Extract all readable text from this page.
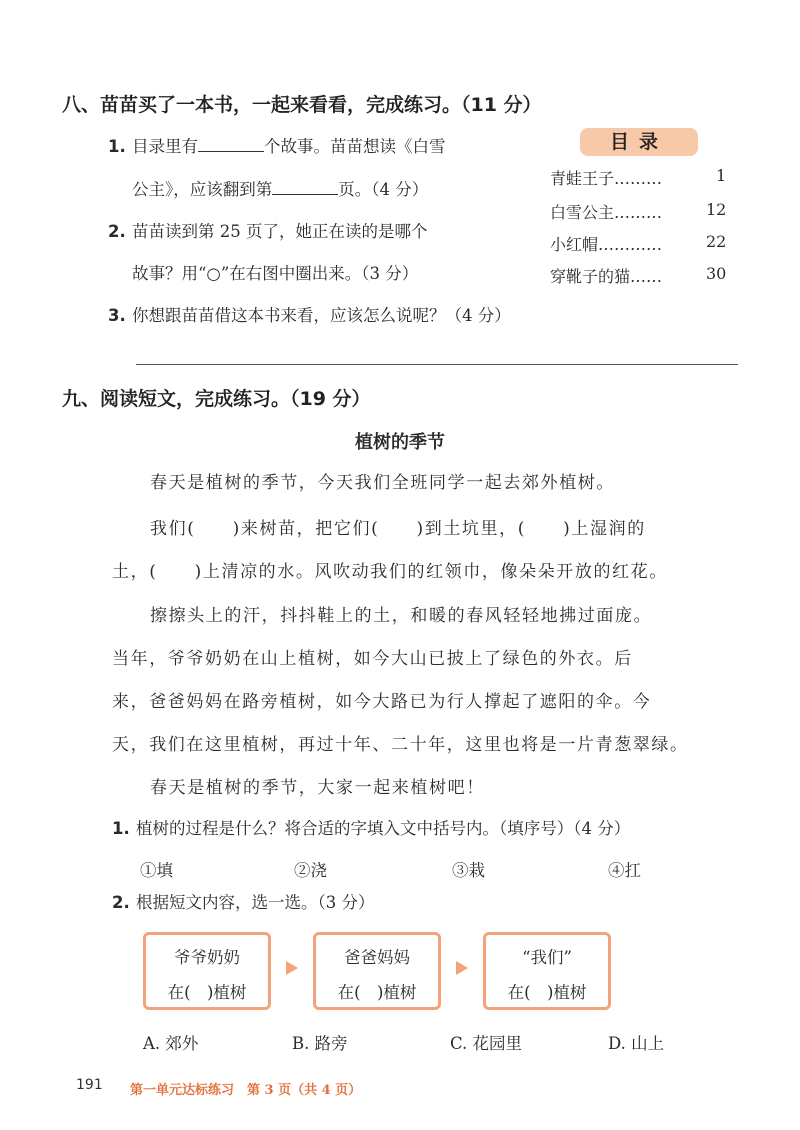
八、苗苗买了一本书，一起来看看，完成练习。（11 分）
1. 目录里有	个故事。苗苗想读《白雪
公主》，应该翻到第	页。（4 分）
2. 苗苗读到第 25 页了，她正在读的是哪个
故事？用“○”在右图中圈出来。（3 分）
3. 你想跟苗苗借这本书来看，应该怎么说呢？（4 分）
目录
青蛙王子………	1
白雪公主………	12
小红帽…………	22
穿靴子的猫……	30
九、阅读短文，完成练习。（19 分）
植树的季节
春天是植树的季节，今天我们全班同学一起去郊外植树。
我们(　　)来树苗，把它们(　　)到土坑里，(　　)上湿润的
土，(　　)上清凉的水。风吹动我们的红领巾，像朵朵开放的红花。
擦擦头上的汗，抖抖鞋上的土，和暖的春风轻轻地拂过面庞。
当年，爷爷奶奶在山上植树，如今大山已披上了绿色的外衣。后
来，爸爸妈妈在路旁植树，如今大路已为行人撑起了遮阳的伞。今
天，我们在这里植树，再过十年、二十年，这里也将是一片青葱翠绿。
春天是植树的季节，大家一起来植树吧！
1. 植树的过程是什么？将合适的字填入文中括号内。（填序号）（4 分）
①填	②浇	③栽	④扛
2. 根据短文内容，选一选。（3 分）
爷爷奶奶
在(　)植树
爸爸妈妈
在(　)植树
“我们”
在(　)植树
A. 郊外	B. 路旁	C. 花园里	D. 山上
191 第一单元达标练习　第 3 页（共 4 页）
